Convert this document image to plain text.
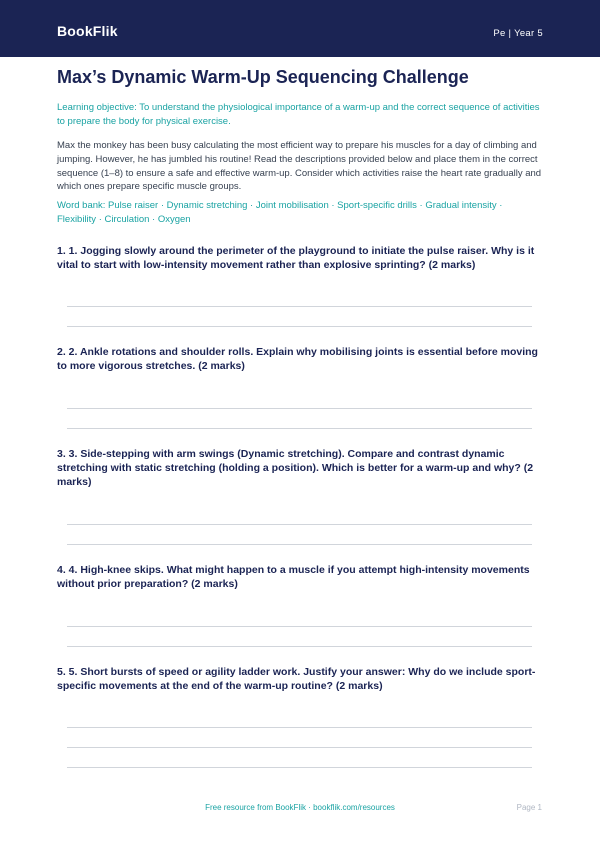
BookFlik	Pe | Year 5
Max’s Dynamic Warm-Up Sequencing Challenge
Learning objective: To understand the physiological importance of a warm-up and the correct sequence of activities to prepare the body for physical exercise.
Max the monkey has been busy calculating the most efficient way to prepare his muscles for a day of climbing and jumping. However, he has jumbled his routine! Read the descriptions provided below and place them in the correct sequence (1–8) to ensure a safe and effective warm-up. Consider which activities raise the heart rate gradually and which ones prepare specific muscle groups.
Word bank: Pulse raiser · Dynamic stretching · Joint mobilisation · Sport-specific drills · Gradual intensity · Flexibility · Circulation · Oxygen
1. 1. Jogging slowly around the perimeter of the playground to initiate the pulse raiser. Why is it vital to start with low-intensity movement rather than explosive sprinting? (2 marks)
2. 2. Ankle rotations and shoulder rolls. Explain why mobilising joints is essential before moving to more vigorous stretches. (2 marks)
3. 3. Side-stepping with arm swings (Dynamic stretching). Compare and contrast dynamic stretching with static stretching (holding a position). Which is better for a warm-up and why? (2 marks)
4. 4. High-knee skips. What might happen to a muscle if you attempt high-intensity movements without prior preparation? (2 marks)
5. 5. Short bursts of speed or agility ladder work. Justify your answer: Why do we include sport-specific movements at the end of the warm-up routine? (2 marks)
Free resource from BookFlik · bookflik.com/resources	Page 1
